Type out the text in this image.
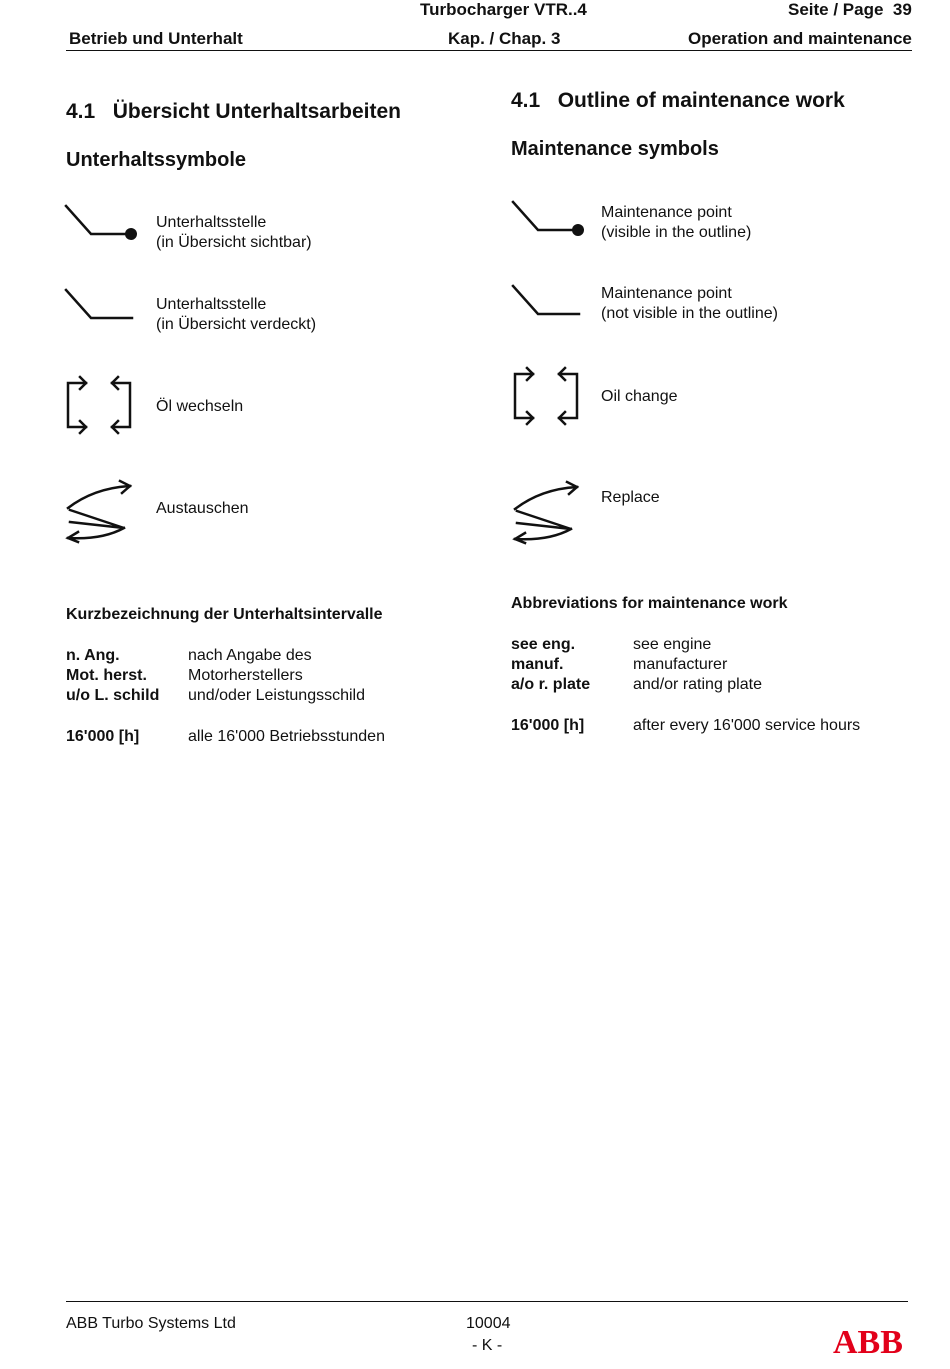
Turbocharger VTR..4	Seite / Page 39
Betrieb und Unterhalt	Kap. / Chap. 3	Operation and maintenance
4.1 Übersicht Unterhaltsarbeiten
Unterhaltssymbole
Unterhaltsstelle
(in Übersicht sichtbar)
Unterhaltsstelle
(in Übersicht verdeckt)
Öl wechseln
Austauschen
Kurzbezeichnung der Unterhaltsintervalle
n. Ang.	nach Angabe des
Mot. herst.	Motorherstellers
u/o L. schild	und/oder Leistungsschild
16'000 [h]	alle 16'000 Betriebsstunden
4.1 Outline of maintenance work
Maintenance symbols
Maintenance point
(visible in the outline)
Maintenance point
(not visible in the outline)
Oil change
Replace
Abbreviations for maintenance work
see eng.	see engine
manuf.	manufacturer
a/o r. plate	and/or rating plate
16'000 [h]	after every 16'000 service hours
ABB Turbo Systems Ltd	10004
- K -	ABB
